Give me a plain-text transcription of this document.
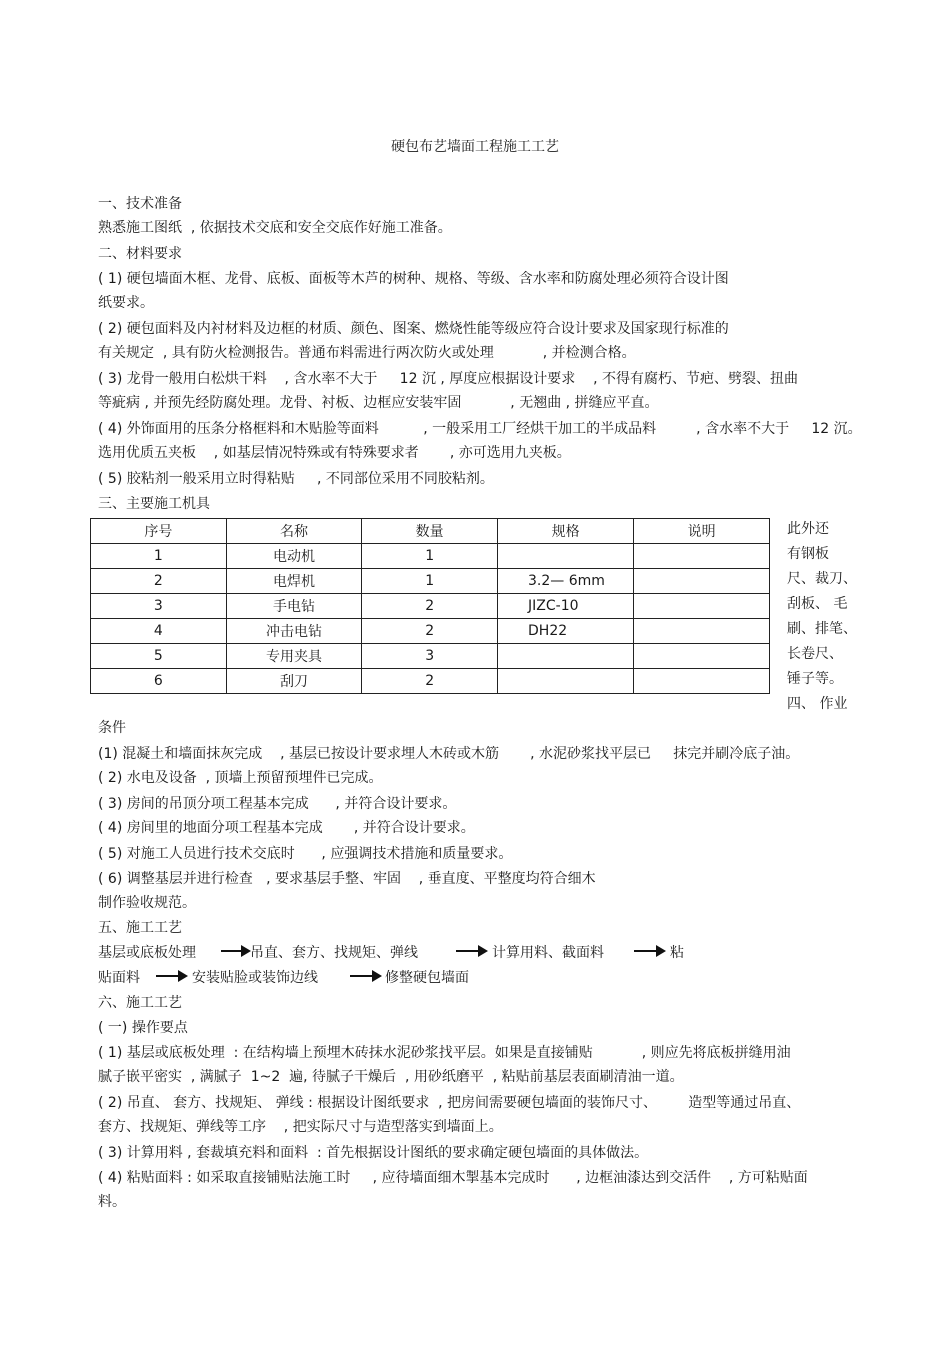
硬包布艺墙面工程施工工艺
一、技术准备
熟悉施工图纸  , 依据技术交底和安全交底作好施工准备。
二、材料要求
( 1) 硬包墙面木框、龙骨、底板、面板等木芦的树种、规格、等级、含水率和防腐处理必须符合设计图
纸要求。
( 2) 硬包面料及内衬材料及边框的材质、颜色、图案、燃烧性能等级应符合设计要求及国家现行标准的
有关规定  , 具有防火检测报告。普通布料需进行两次防火或处理           , 并检测合格。
( 3) 龙骨一般用白松烘干料    , 含水率不大于     12 沉 , 厚度应根据设计要求    , 不得有腐朽、节疤、劈裂、扭曲
等疵病 , 并预先经防腐处理。龙骨、衬板、边框应安装牢固           , 无翘曲 , 拼缝应平直。
( 4) 外饰面用的压条分格框料和木贴脸等面料          , 一般采用工厂经烘干加工的半成品料         , 含水率不大于     12 沉。
选用优质五夹板    , 如基层情况特殊或有特殊要求者       , 亦可选用九夹板。
( 5) 胶粘剂一般采用立时得粘贴     , 不同部位采用不同胶粘剂。
三、主要施工机具
序号	名称	数量	规格	说明
1	电动机	1		
2	电焊机	1	3.2— 6mm	
3	手电钻	2	JIZC-10	
4	冲击电钻	2	DH22	
5	专用夹具	3		
6	刮刀	2		
此外还
有钢板
尺、裁刀、
刮板、 毛
刷、排笔、
长卷尺、
锤子等。
四、 作业
条件
(1) 混凝土和墙面抹灰完成    , 基层已按设计要求埋人木砖或木筋       , 水泥砂浆找平层已     抹完并刷冷底子油。
( 2) 水电及设备  , 顶墙上预留预埋件已完成。
( 3) 房间的吊顶分项工程基本完成      , 并符合设计要求。
( 4) 房间里的地面分项工程基本完成       , 并符合设计要求。
( 5) 对施工人员进行技术交底时      , 应强调技术措施和质量要求。
( 6) 调整基层并进行检查   , 要求基层手整、牢固    , 垂直度、平整度均符合细木
制作验收规范。
五、施工工艺
基层或底板处理	吊直、套方、找规矩、弹线	计算用料、截面料	粘
贴面料	安装贴脸或装饰边线	修整硬包墙面
六、施工工艺
( 一) 操作要点
( 1) 基层或底板处理  : 在结构墙上预埋木砖抹水泥砂浆找平层。如果是直接铺贴           , 则应先将底板拼缝用油
腻子嵌平密实  , 满腻子  1~2  遍, 待腻子干燥后  , 用砂纸磨平  , 粘贴前基层表面刷清油一道。
( 2) 吊直、 套方、找规矩、 弹线 : 根据设计图纸要求  , 把房间需要硬包墙面的装饰尺寸、       造型等通过吊直、
套方、找规矩、弹线等工序    , 把实际尺寸与造型落实到墙面上。
( 3) 计算用料 , 套裁填充料和面料  : 首先根据设计图纸的要求确定硬包墙面的具体做法。
( 4) 粘贴面料 : 如采取直接铺贴法施工时     , 应待墙面细木掣基本完成时      , 边框油漆达到交活件    , 方可粘贴面
料。
